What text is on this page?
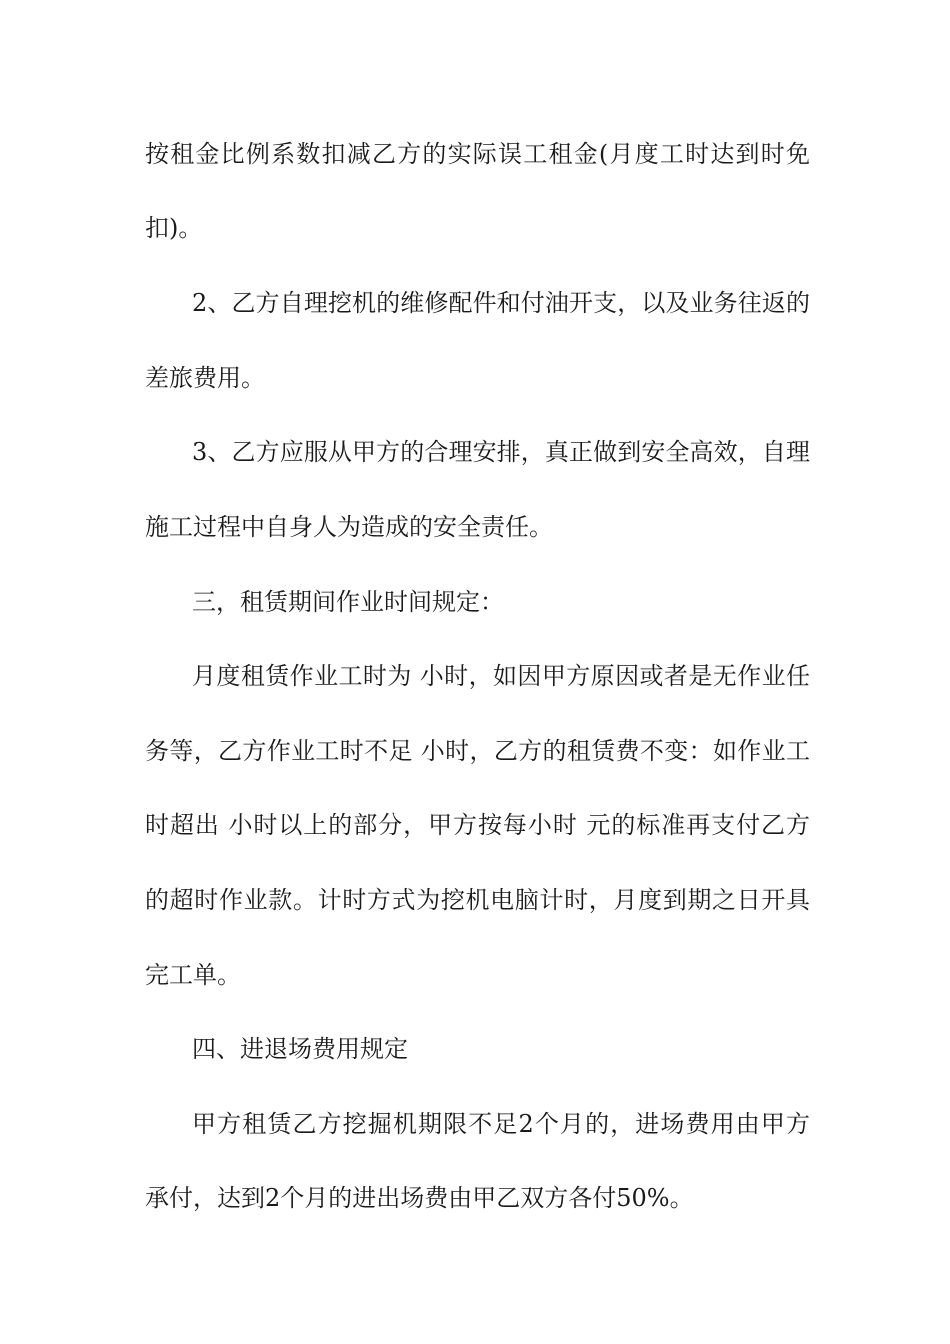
按租金比例系数扣减乙方的实际误工租金(月度工时达到时免
扣)。
2、乙方自理挖机的维修配件和付油开支，以及业务往返的
差旅费用。
3、乙方应服从甲方的合理安排，真正做到安全高效，自理
施工过程中自身人为造成的安全责任。
三，租赁期间作业时间规定：
月度租赁作业工时为 小时，如因甲方原因或者是无作业任
务等，乙方作业工时不足 小时，乙方的租赁费不变：如作业工
时超出 小时以上的部分，甲方按每小时 元的标准再支付乙方
的超时作业款。计时方式为挖机电脑计时，月度到期之日开具
完工单。
四、进退场费用规定
甲方租赁乙方挖掘机期限不足2个月的，进场费用由甲方
承付，达到2个月的进出场费由甲乙双方各付50%。
